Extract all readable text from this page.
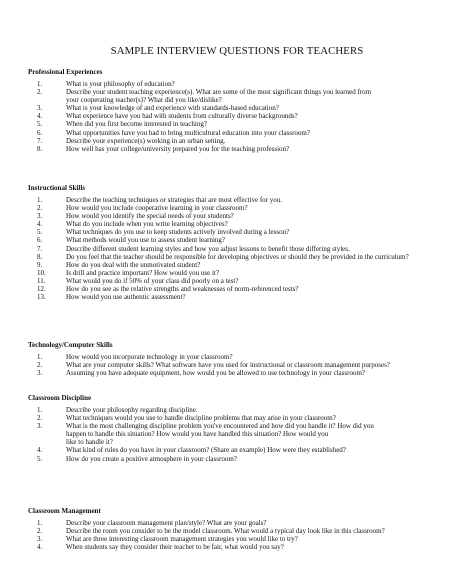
SAMPLE INTERVIEW QUESTIONS FOR TEACHERS
Professional Experiences
1.	What is your philosophy of education?
2.	Describe your student teaching experience(s). What are some of the most significant things you learned from
your cooperating teacher(s)? What did you like/dislike?
3.	What is your knowledge of and experience with standards-based education?
4.	What experience have you had with students from culturally diverse backgrounds?
5.	When did you first become interested in teaching?
6.	What opportunities have you had to bring multicultural education into your classroom?
7.	Describe your experience(s) working in an urban setting.
8.	How well has your college/university prepared you for the teaching profession?
Instructional Skills
1.	Describe the teaching techniques or strategies that are most effective for you.
2.	How would you include cooperative learning in your classroom?
3.	How would you identify the special needs of your students?
4.	What do you include when you write learning objectives?
5.	What techniques do you use to keep students actively involved during a lesson?
6.	What methods would you use to assess student learning?
7.	Describe different student learning styles and how you adjust lessons to benefit those differing styles.
8.	Do you feel that the teacher should be responsible for developing objectives or should they be provided in the curriculum?
9.	How do you deal with the unmotivated student?
10.	Is drill and practice important? How would you use it?
11.	What would you do if 50% of your class did poorly on a test?
12.	How do you see as the relative strengths and weaknesses of norm-referenced tests?
13.	How would you use authentic assessment?
Technology/Computer Skills
1.	How would you incorporate technology in your classroom?
2.	What are your computer skills? What software have you used for instructional or classroom management purposes?
3.	Assuming you have adequate equipment, how would you be allowed to use technology in your classroom?
Classroom Discipline
1.	Describe your philosophy regarding discipline.
2.	What techniques would you use to handle discipline problems that may arise in your classroom?
3.	What is the most challenging discipline problem you've encountered and how did you handle it? How did you
happen to handle this situation? How would you have handled this situation? How would you
like to handle it?
4.	What kind of rules do you have in your classroom? (Share an example) How were they established?
5.	How do you create a positive atmosphere in your classroom?
Classroom Management
1.	Describe your classroom management plan/style? What are your goals?
2.	Describe the room you consider to be the model classroom. What would a typical day look like in this classroom?
3.	What are three interesting classroom management strategies you would like to try?
4.	When students say they consider their teacher to be fair, what would you say?
